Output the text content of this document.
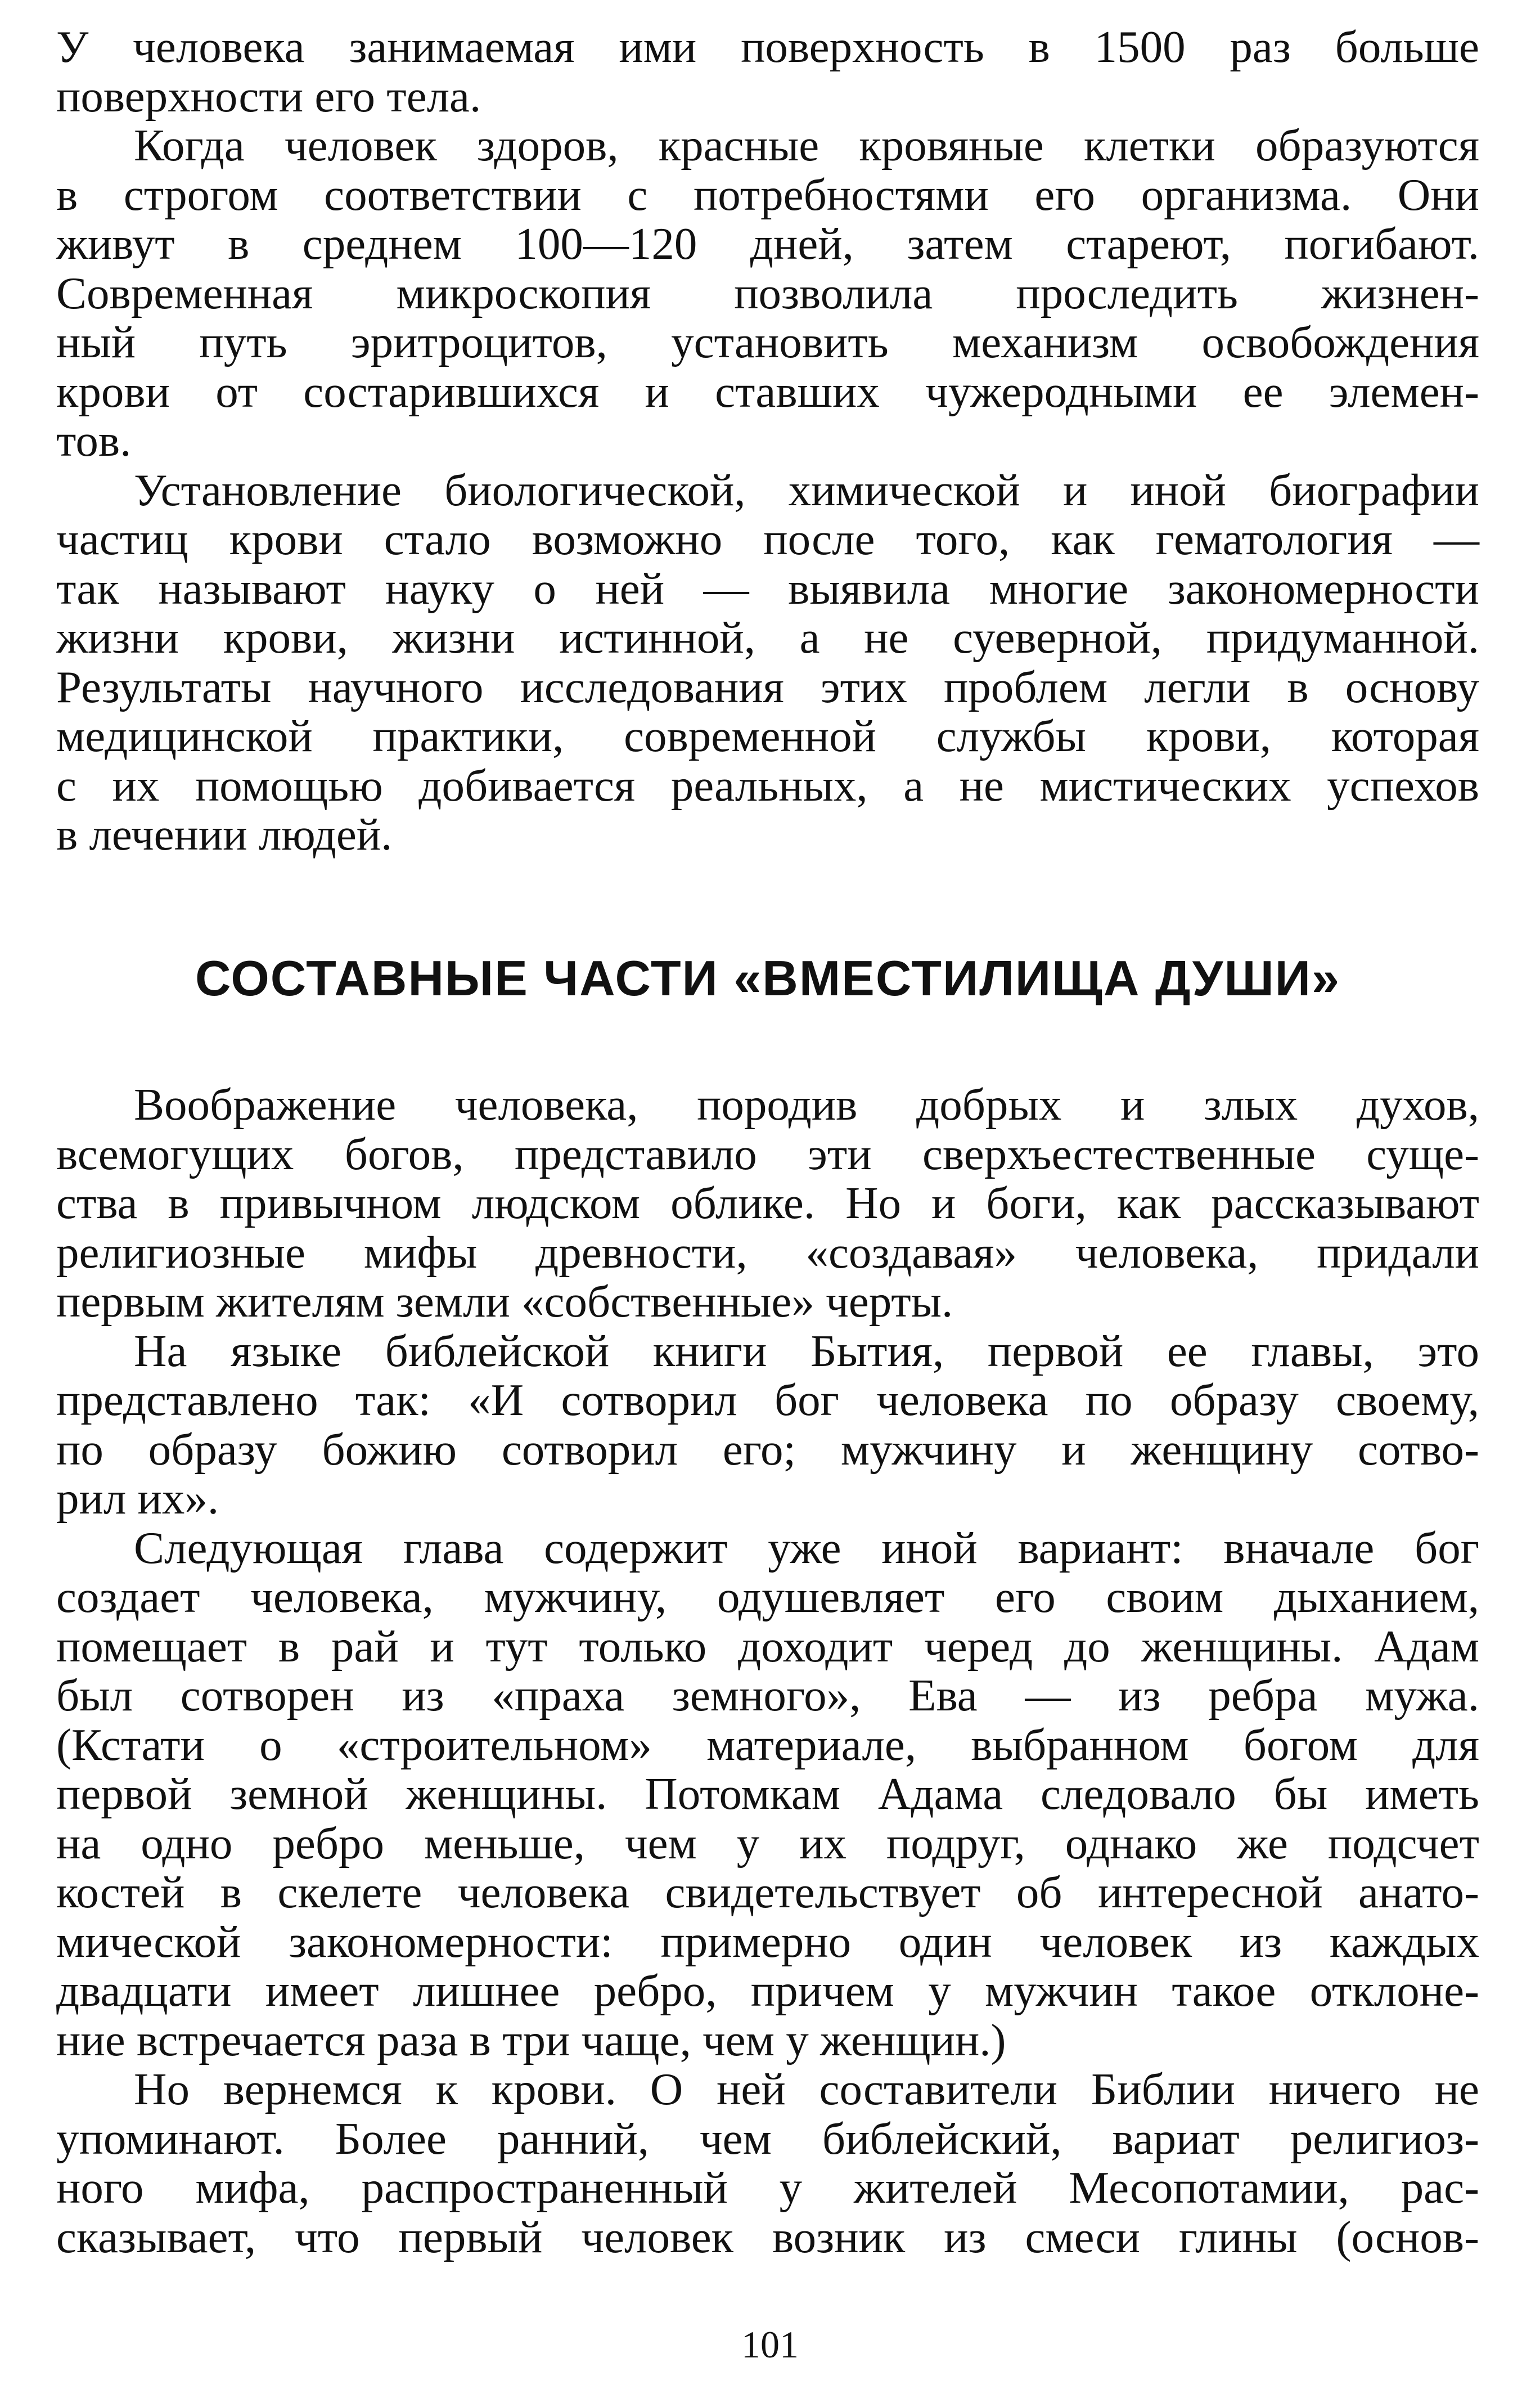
У человека занимаемая ими поверхность в 1500 раз больше
поверхности его тела.
Когда человек здоров, красные кровяные клетки образуются
в строгом соответствии с потребностями его организма. Они
живут в среднем 100—120 дней, затем стареют, погибают.
Современная микроскопия позволила проследить жизнен-
ный путь эритроцитов, установить механизм освобождения
крови от состарившихся и ставших чужеродными ее элемен-
тов.
Установление биологической, химической и иной биографии
частиц крови стало возможно после того, как гематология —
так называют науку о ней — выявила многие закономерности
жизни крови, жизни истинной, а не суеверной, придуманной.
Результаты научного исследования этих проблем легли в основу
медицинской практики, современной службы крови, которая
с их помощью добивается реальных, а не мистических успехов
в лечении людей.
СОСТАВНЫЕ ЧАСТИ «ВМЕСТИЛИЩА ДУШИ»
Воображение человека, породив добрых и злых духов,
всемогущих богов, представило эти сверхъестественные суще-
ства в привычном людском облике. Но и боги, как рассказывают
религиозные мифы древности, «создавая» человека, придали
первым жителям земли «собственные» черты.
На языке библейской книги Бытия, первой ее главы, это
представлено так: «И сотворил бог человека по образу своему,
по образу божию сотворил его; мужчину и женщину сотво-
рил их».
Следующая глава содержит уже иной вариант: вначале бог
создает человека, мужчину, одушевляет его своим дыханием,
помещает в рай и тут только доходит черед до женщины. Адам
был сотворен из «праха земного», Ева — из ребра мужа.
(Кстати о «строительном» материале, выбранном богом для
первой земной женщины. Потомкам Адама следовало бы иметь
на одно ребро меньше, чем у их подруг, однако же подсчет
костей в скелете человека свидетельствует об интересной анато-
мической закономерности: примерно один человек из каждых
двадцати имеет лишнее ребро, причем у мужчин такое отклоне-
ние встречается раза в три чаще, чем у женщин.)
Но вернемся к крови. О ней составители Библии ничего не
упоминают. Более ранний, чем библейский, вариат религиоз-
ного мифа, распространенный у жителей Месопотамии, рас-
сказывает, что первый человек возник из смеси глины (основ-
101
